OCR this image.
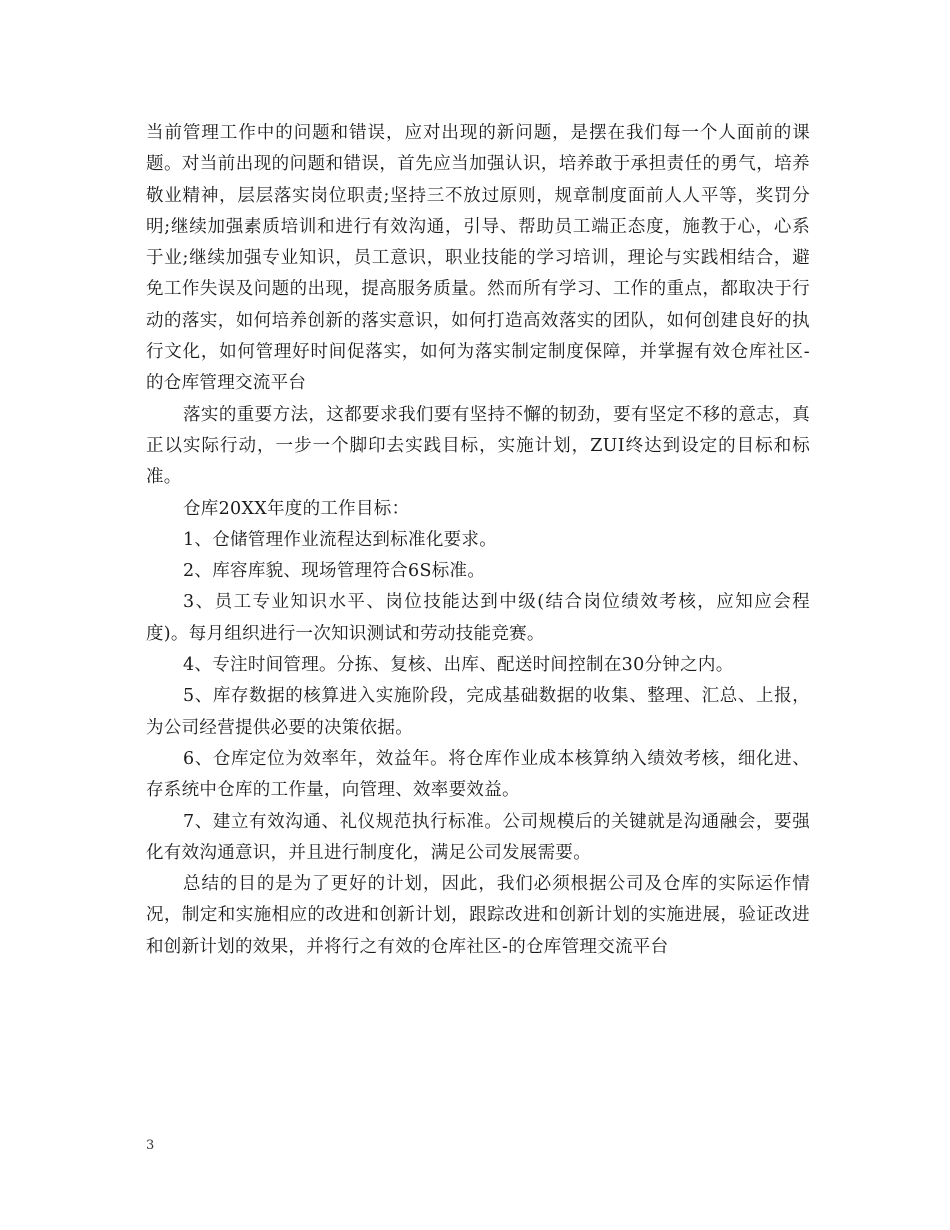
当前管理工作中的问题和错误，应对出现的新问题，是摆在我们每一个人面前的课题。对当前出现的问题和错误，首先应当加强认识，培养敢于承担责任的勇气，培养敬业精神，层层落实岗位职责;坚持三不放过原则，规章制度面前人人平等，奖罚分明;继续加强素质培训和进行有效沟通，引导、帮助员工端正态度，施教于心，心系于业;继续加强专业知识，员工意识，职业技能的学习培训，理论与实践相结合，避免工作失误及问题的出现，提高服务质量。然而所有学习、工作的重点，都取决于行动的落实，如何培养创新的落实意识，如何打造高效落实的团队，如何创建良好的执行文化，如何管理好时间促落实，如何为落实制定制度保障，并掌握有效仓库社区-的仓库管理交流平台

落实的重要方法，这都要求我们要有坚持不懈的韧劲，要有坚定不移的意志，真正以实际行动，一步一个脚印去实践目标，实施计划，ZUI终达到设定的目标和标准。

仓库20XX年度的工作目标：

1、仓储管理作业流程达到标准化要求。

2、库容库貌、现场管理符合6S标准。

3、员工专业知识水平、岗位技能达到中级(结合岗位绩效考核，应知应会程度)。每月组织进行一次知识测试和劳动技能竞赛。

4、专注时间管理。分拣、复核、出库、配送时间控制在30分钟之内。

5、库存数据的核算进入实施阶段，完成基础数据的收集、整理、汇总、上报，为公司经营提供必要的决策依据。

6、仓库定位为效率年，效益年。将仓库作业成本核算纳入绩效考核，细化进、存系统中仓库的工作量，向管理、效率要效益。

7、建立有效沟通、礼仪规范执行标准。公司规模后的关键就是沟通融会，要强化有效沟通意识，并且进行制度化，满足公司发展需要。

总结的目的是为了更好的计划，因此，我们必须根据公司及仓库的实际运作情况，制定和实施相应的改进和创新计划，跟踪改进和创新计划的实施进展，验证改进和创新计划的效果，并将行之有效的仓库社区-的仓库管理交流平台

3
